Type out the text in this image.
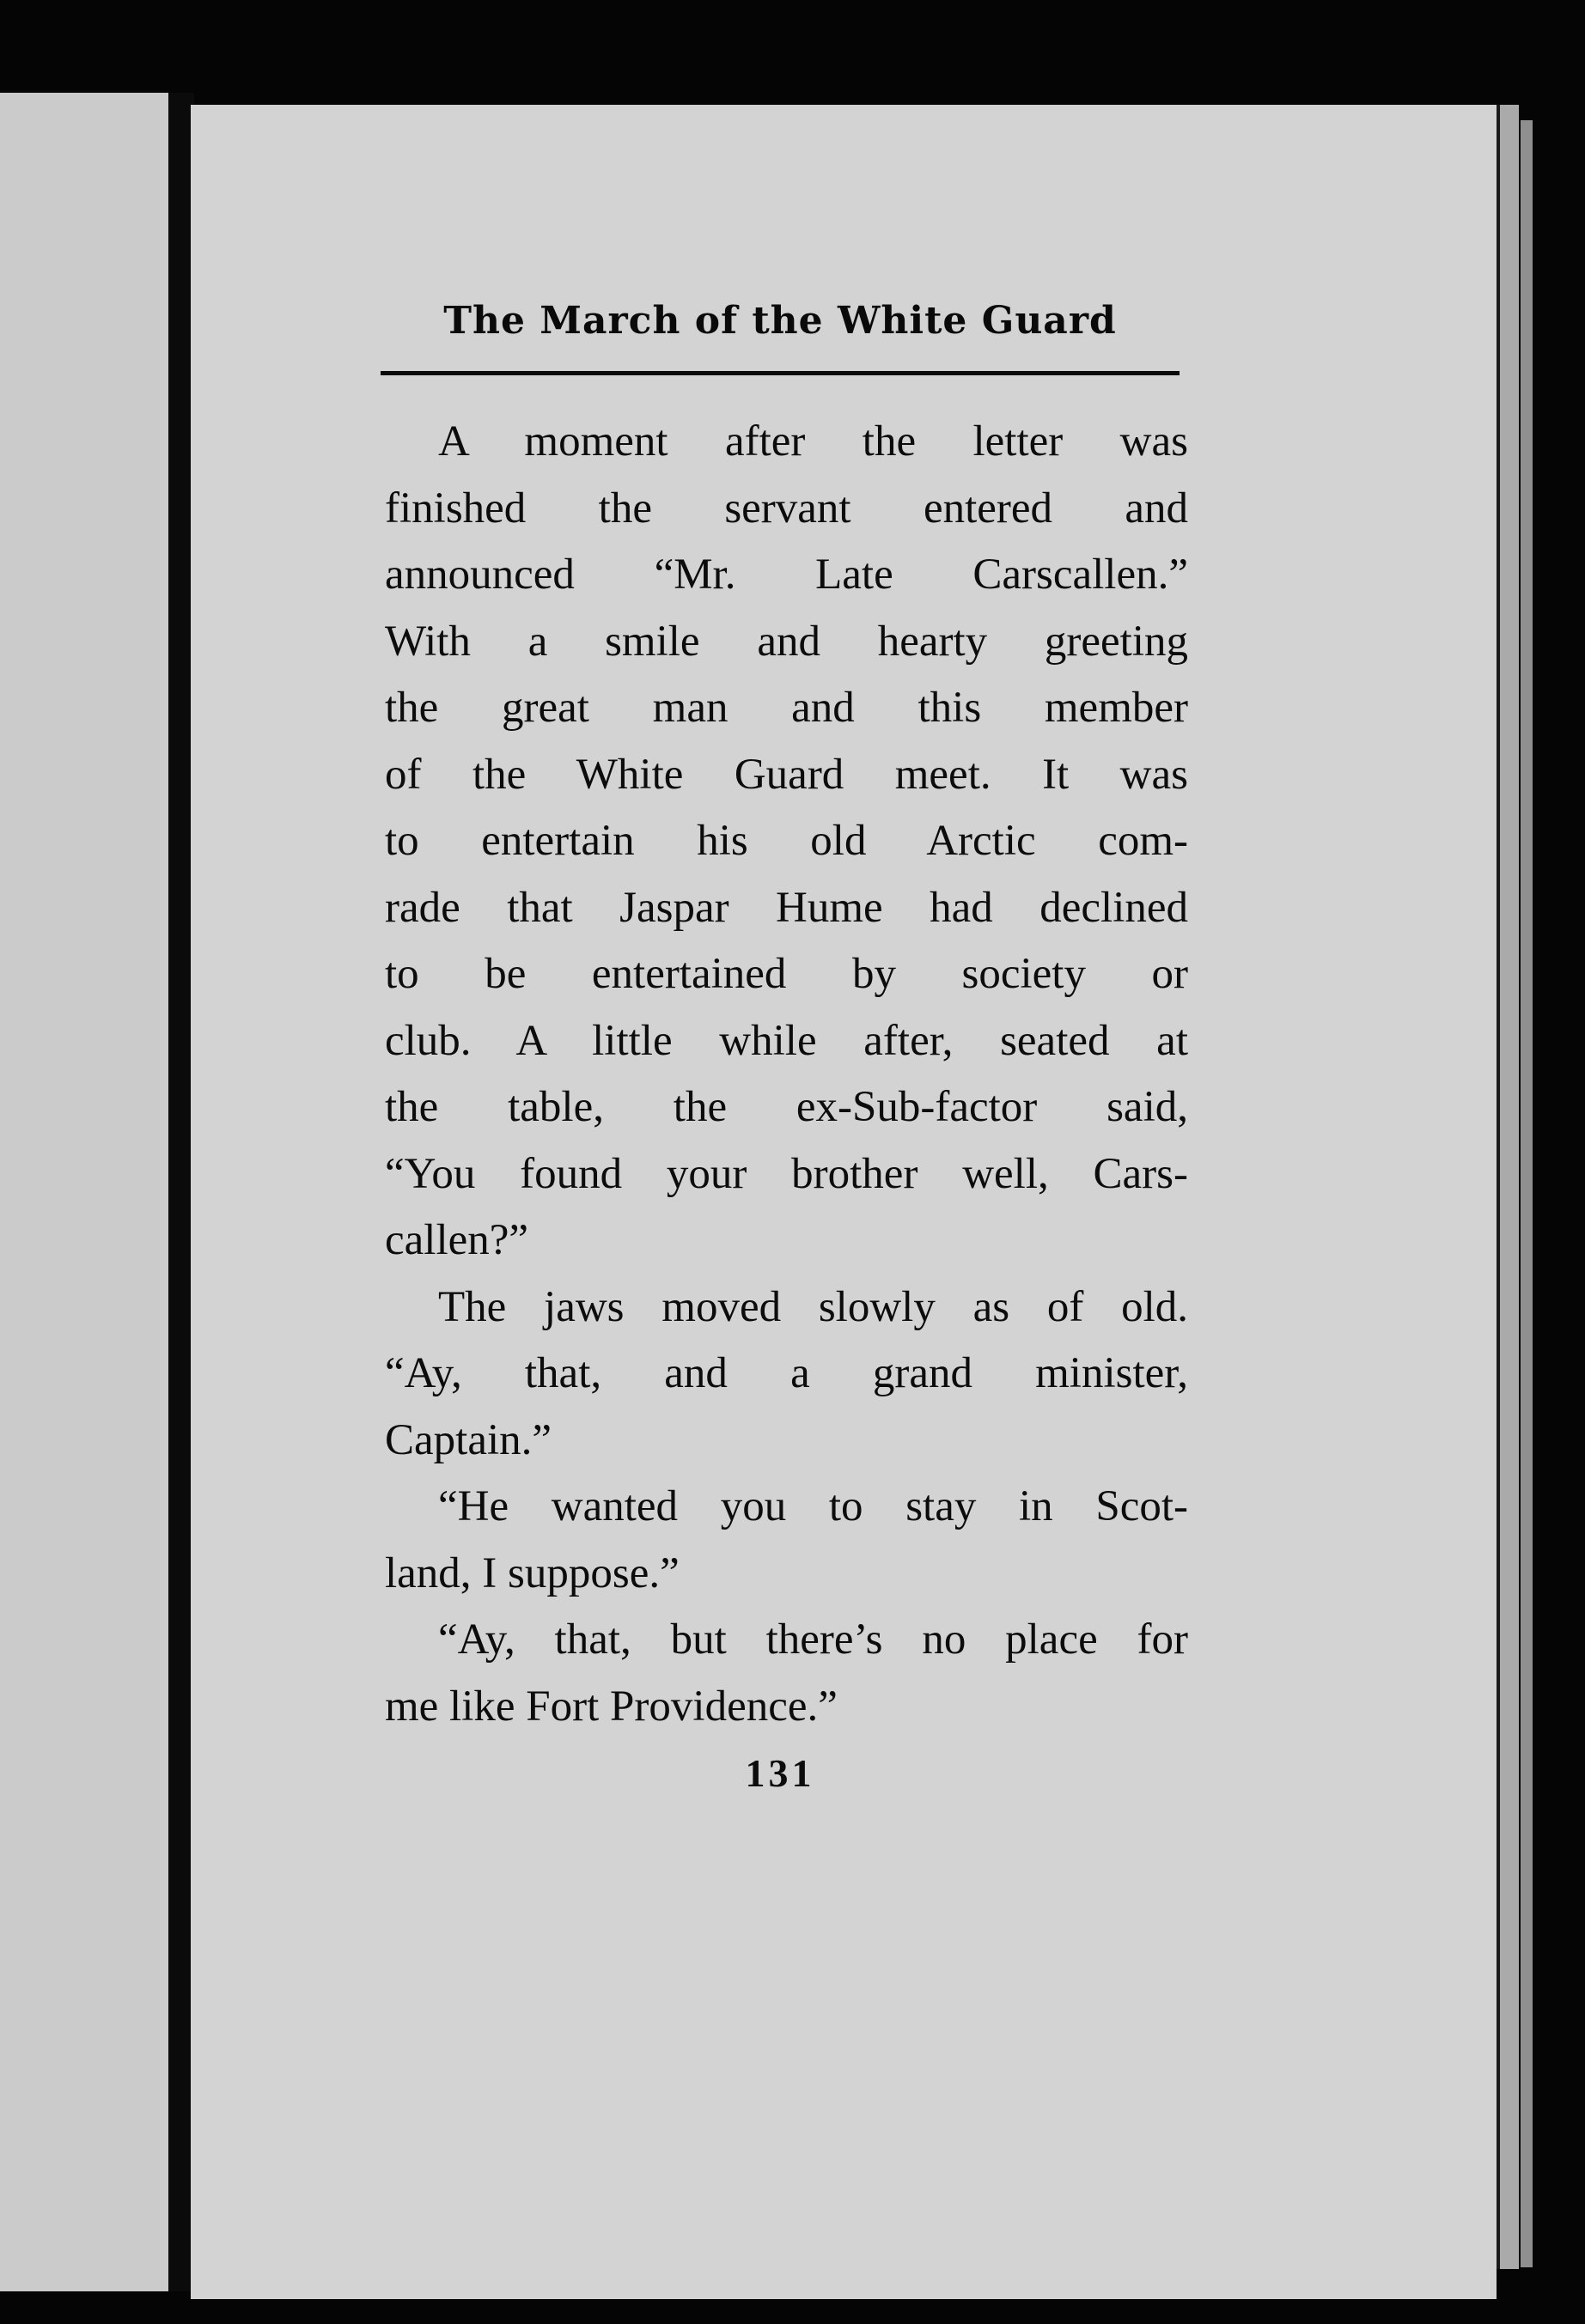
The March of the White Guard
A moment after the letter was
finished the servant entered and
announced “Mr. Late Carscallen.”
With a smile and hearty greeting
the great man and this member
of the White Guard meet. It was
to entertain his old Arctic com-
rade that Jaspar Hume had declined
to be entertained by society or
club. A little while after, seated at
the table, the ex-Sub-factor said,
“You found your brother well, Cars-
callen?”
The jaws moved slowly as of old.
“Ay, that, and a grand minister,
Captain.”
“He wanted you to stay in Scot-
land, I suppose.”
“Ay, that, but there’s no place for
me like Fort Providence.”
131
